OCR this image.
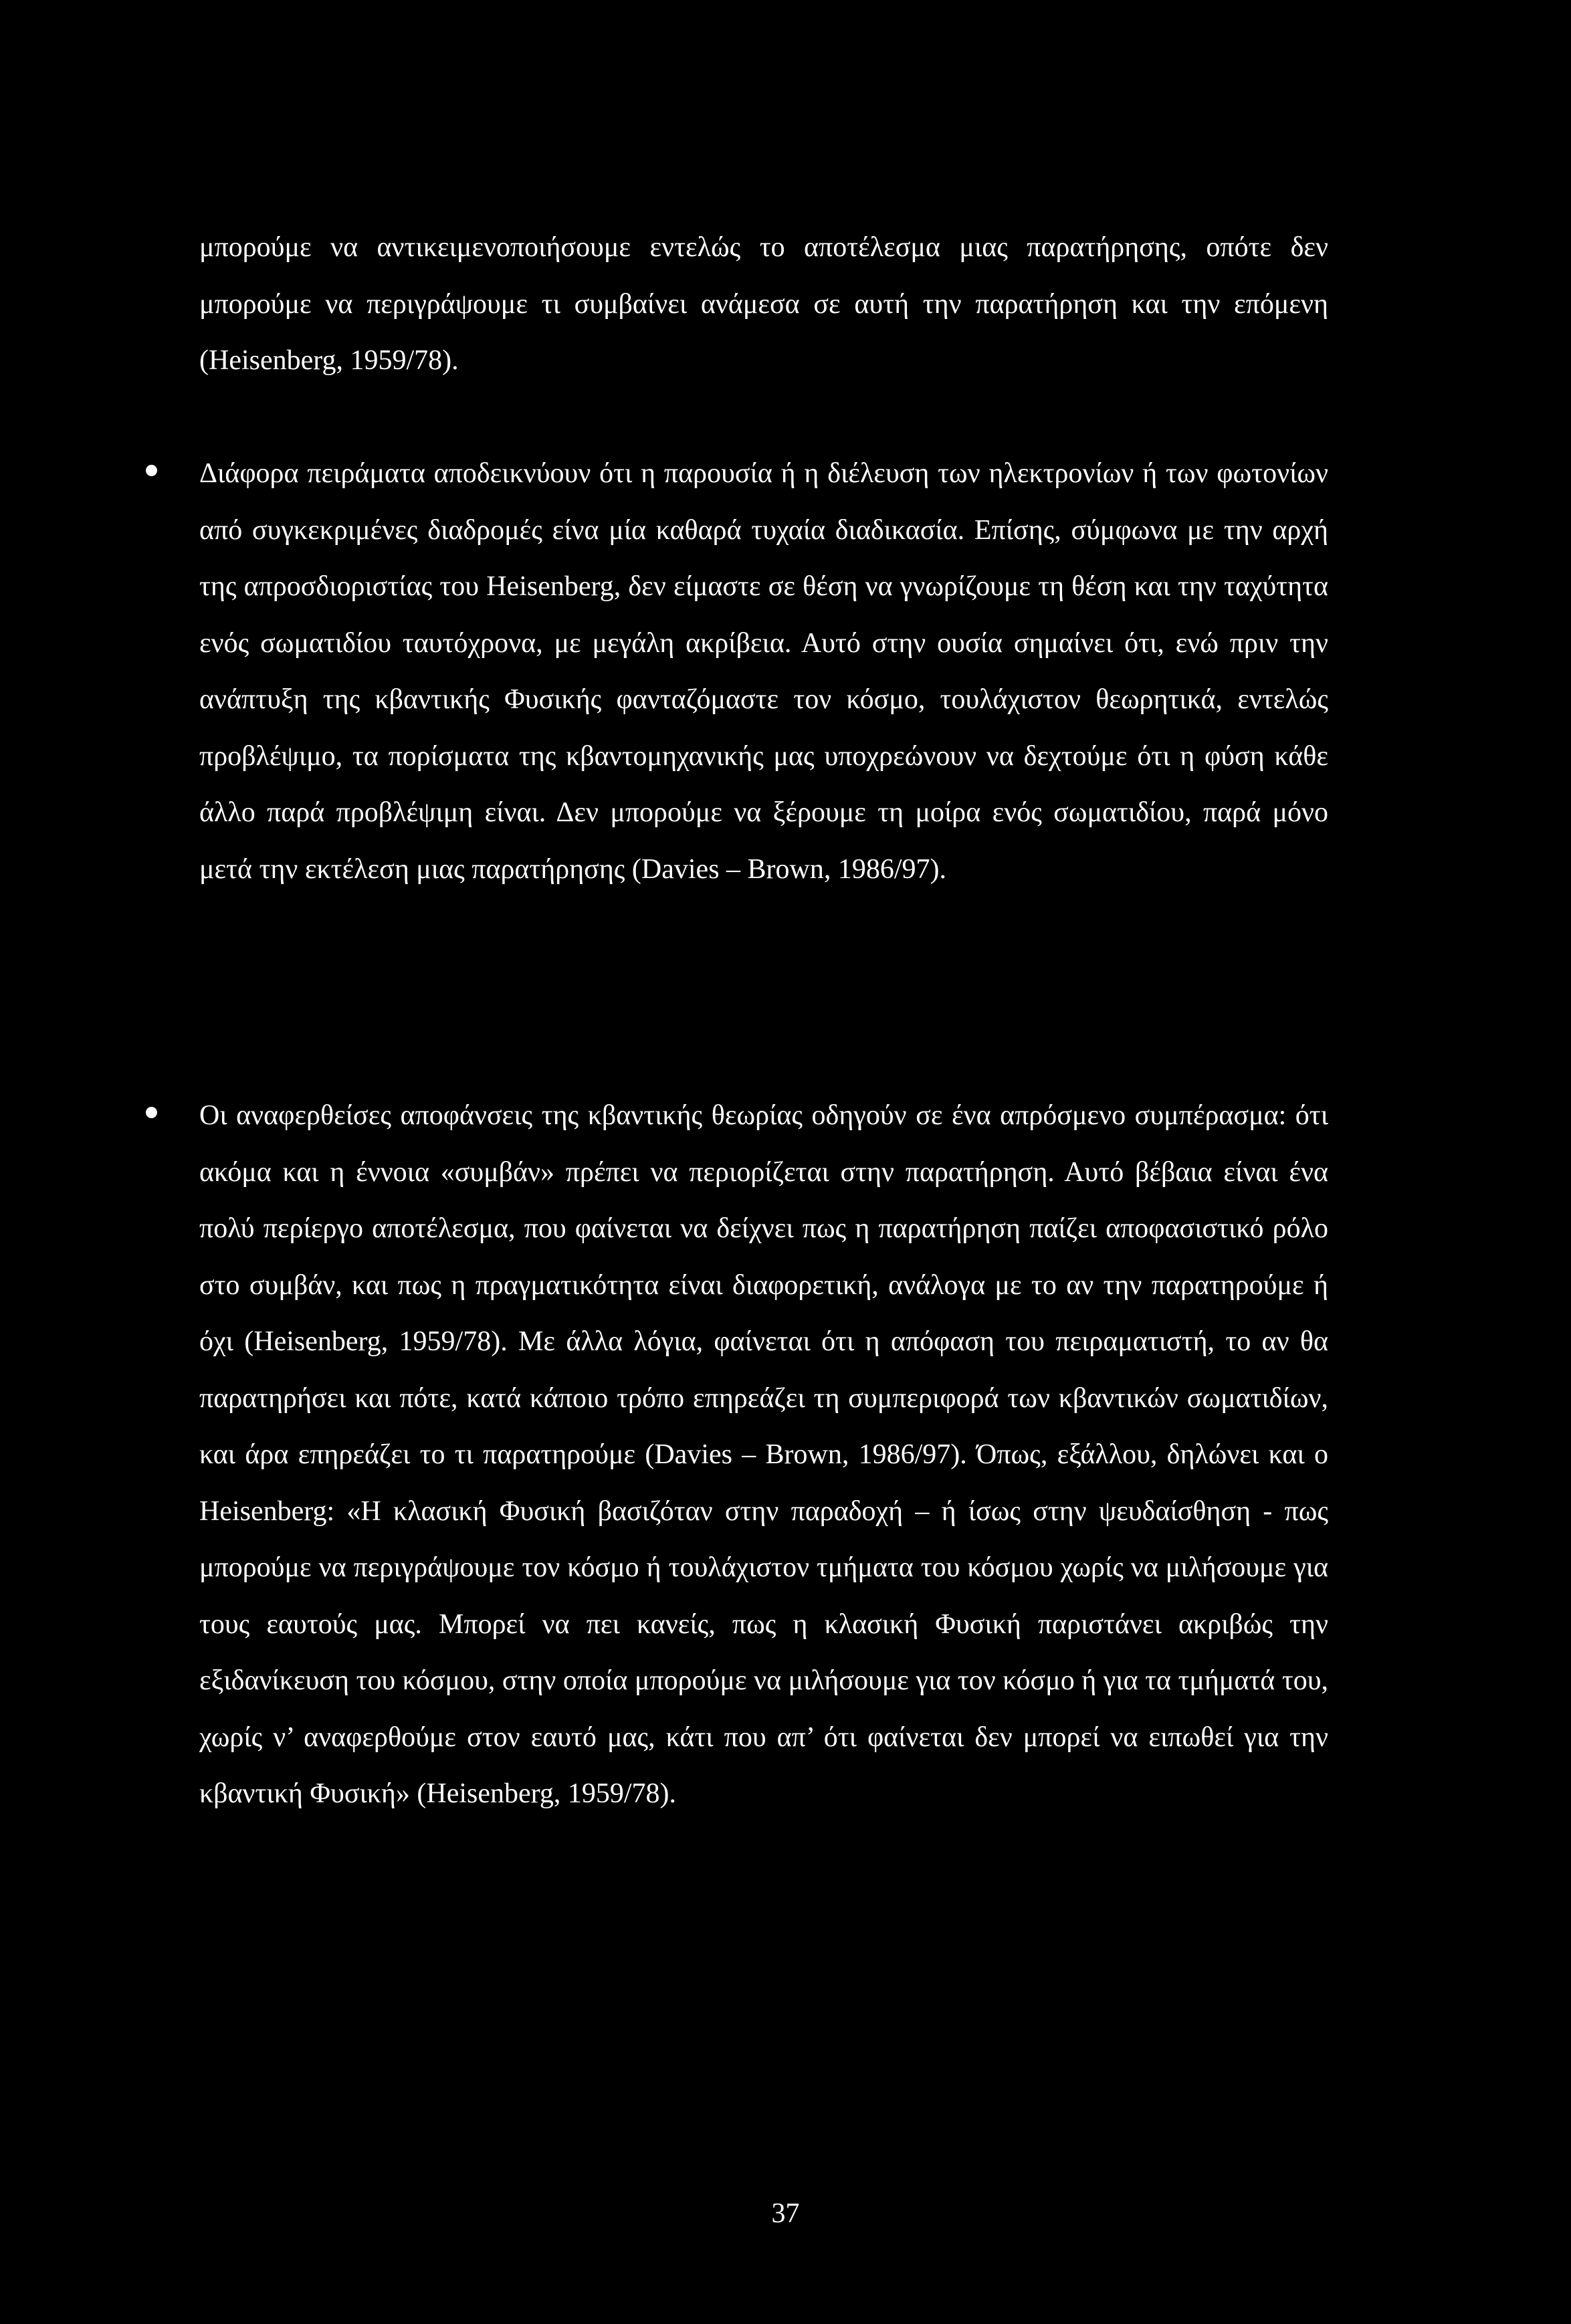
μπορούμε να αντικειμενοποιήσουμε εντελώς το αποτέλεσμα μιας παρατήρησης, οπότε δεν μπορούμε να περιγράψουμε τι συμβαίνει ανάμεσα σε αυτή την παρατήρηση και την επόμενη (Heisenberg, 1959/78).

Διάφορα πειράματα αποδεικνύουν ότι η παρουσία ή η διέλευση των ηλεκτρονίων ή των φωτονίων από συγκεκριμένες διαδρομές είνα μία καθαρά τυχαία διαδικασία. Επίσης, σύμφωνα με την αρχή της απροσδιοριστίας του Heisenberg, δεν είμαστε σε θέση να γνωρίζουμε τη θέση και την ταχύτητα ενός σωματιδίου ταυτόχρονα, με μεγάλη ακρίβεια. Αυτό στην ουσία σημαίνει ότι, ενώ πριν την ανάπτυξη της κβαντικής Φυσικής φανταζόμαστε τον κόσμο, τουλάχιστον θεωρητικά, εντελώς προβλέψιμο, τα πορίσματα της κβαντομηχανικής μας υποχρεώνουν να δεχτούμε ότι η φύση κάθε άλλο παρά προβλέψιμη είναι. Δεν μπορούμε να ξέρουμε τη μοίρα ενός σωματιδίου, παρά μόνο μετά την εκτέλεση μιας παρατήρησης (Davies – Brown, 1986/97).
Οι αναφερθείσες αποφάνσεις της κβαντικής θεωρίας οδηγούν σε ένα απρόσμενο συμπέρασμα: ότι ακόμα και η έννοια «συμβάν» πρέπει να περιορίζεται στην παρατήρηση. Αυτό βέβαια είναι ένα πολύ περίεργο αποτέλεσμα, που φαίνεται να δείχνει πως η παρατήρηση παίζει αποφασιστικό ρόλο στο συμβάν, και πως η πραγματικότητα είναι διαφορετική, ανάλογα με το αν την παρατηρούμε ή όχι (Heisenberg, 1959/78). Με άλλα λόγια, φαίνεται ότι η απόφαση του πειραματιστή, το αν θα παρατηρήσει και πότε, κατά κάποιο τρόπο επηρεάζει τη συμπεριφορά των κβαντικών σωματιδίων, και άρα επηρεάζει το τι παρατηρούμε (Davies – Brown, 1986/97). Όπως, εξάλλου, δηλώνει και ο Heisenberg: «Η κλασική Φυσική βασιζόταν στην παραδοχή – ή ίσως στην ψευδαίσθηση - πως μπορούμε να περιγράψουμε τον κόσμο ή τουλάχιστον τμήματα του κόσμου χωρίς να μιλήσουμε για τους εαυτούς μας. Μπορεί να πει κανείς, πως η κλασική Φυσική παριστάνει ακριβώς την εξιδανίκευση του κόσμου, στην οποία μπορούμε να μιλήσουμε για τον κόσμο ή για τα τμήματά του, χωρίς ν’ αναφερθούμε στον εαυτό μας, κάτι που απ’ ότι φαίνεται δεν μπορεί να ειπωθεί για την κβαντική Φυσική» (Heisenberg, 1959/78).
37
